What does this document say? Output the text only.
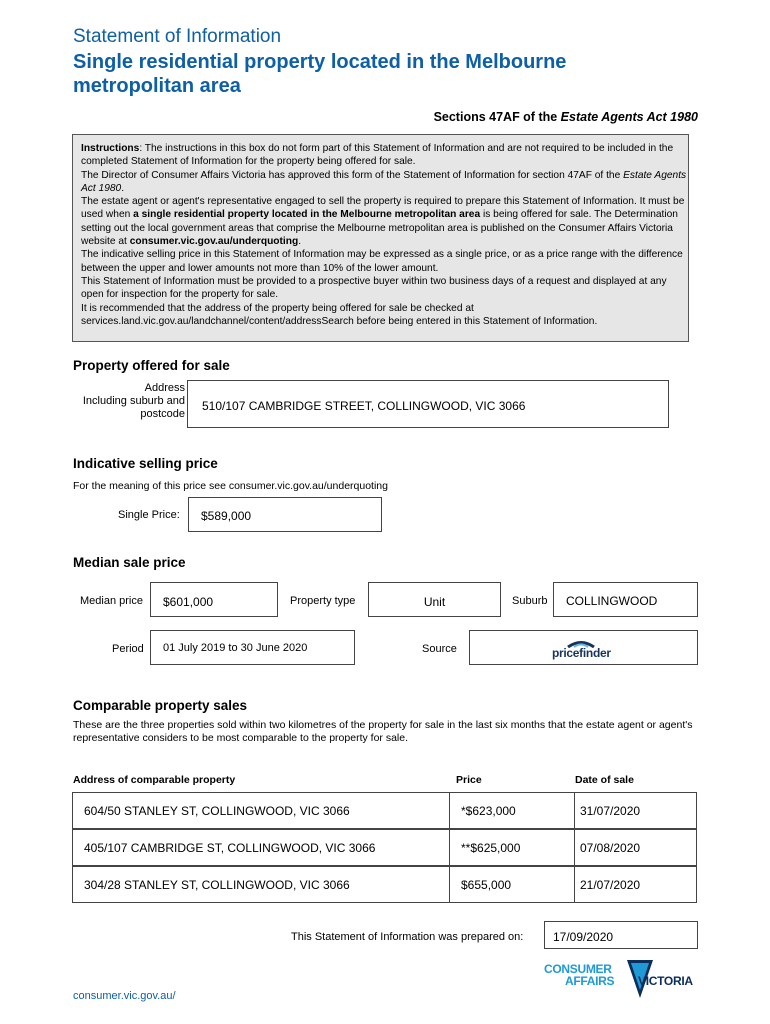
Statement of Information
Single residential property located in the Melbourne metropolitan area
Sections 47AF of the Estate Agents Act 1980

Instructions: The instructions in this box do not form part of this Statement of Information and are not required to be included in the completed Statement of Information for the property being offered for sale.

The Director of Consumer Affairs Victoria has approved this form of the Statement of Information for section 47AF of the Estate Agents Act 1980.

The estate agent or agent's representative engaged to sell the property is required to prepare this Statement of Information. It must be used when a single residential property located in the Melbourne metropolitan area is being offered for sale. The Determination setting out the local government areas that comprise the Melbourne metropolitan area is published on the Consumer Affairs Victoria website at consumer.vic.gov.au/underquoting.

The indicative selling price in this Statement of Information may be expressed as a single price, or as a price range with the difference between the upper and lower amounts not more than 10% of the lower amount.

This Statement of Information must be provided to a prospective buyer within two business days of a request and displayed at any open for inspection for the property for sale.

It is recommended that the address of the property being offered for sale be checked at services.land.vic.gov.au/landchannel/content/addressSearch before being entered in this Statement of Information.

Property offered for sale
Address
Including suburb and
postcode
510/107 CAMBRIDGE STREET, COLLINGWOOD, VIC 3066
Indicative selling price
For the meaning of this price see consumer.vic.gov.au/underquoting
Single Price:	$589,000
Median sale price
Median price	$601,000	Property type	Unit	Suburb	COLLINGWOOD
Period	01 July 2019 to 30 June 2020	Source	pricefinder
Comparable property sales
These are the three properties sold within two kilometres of the property for sale in the last six months that the estate agent or agent's representative considers to be most comparable to the property for sale.
Address of comparable property	Price	Date of sale
604/50 STANLEY ST, COLLINGWOOD, VIC 3066	*$623,000	31/07/2020
405/107 CAMBRIDGE ST, COLLINGWOOD, VIC 3066	**$625,000	07/08/2020
304/28 STANLEY ST, COLLINGWOOD, VIC 3066	$655,000	21/07/2020
This Statement of Information was prepared on:	17/09/2020
consumer.vic.gov.au/
CONSUMER
AFFAIRS VICTORIA
